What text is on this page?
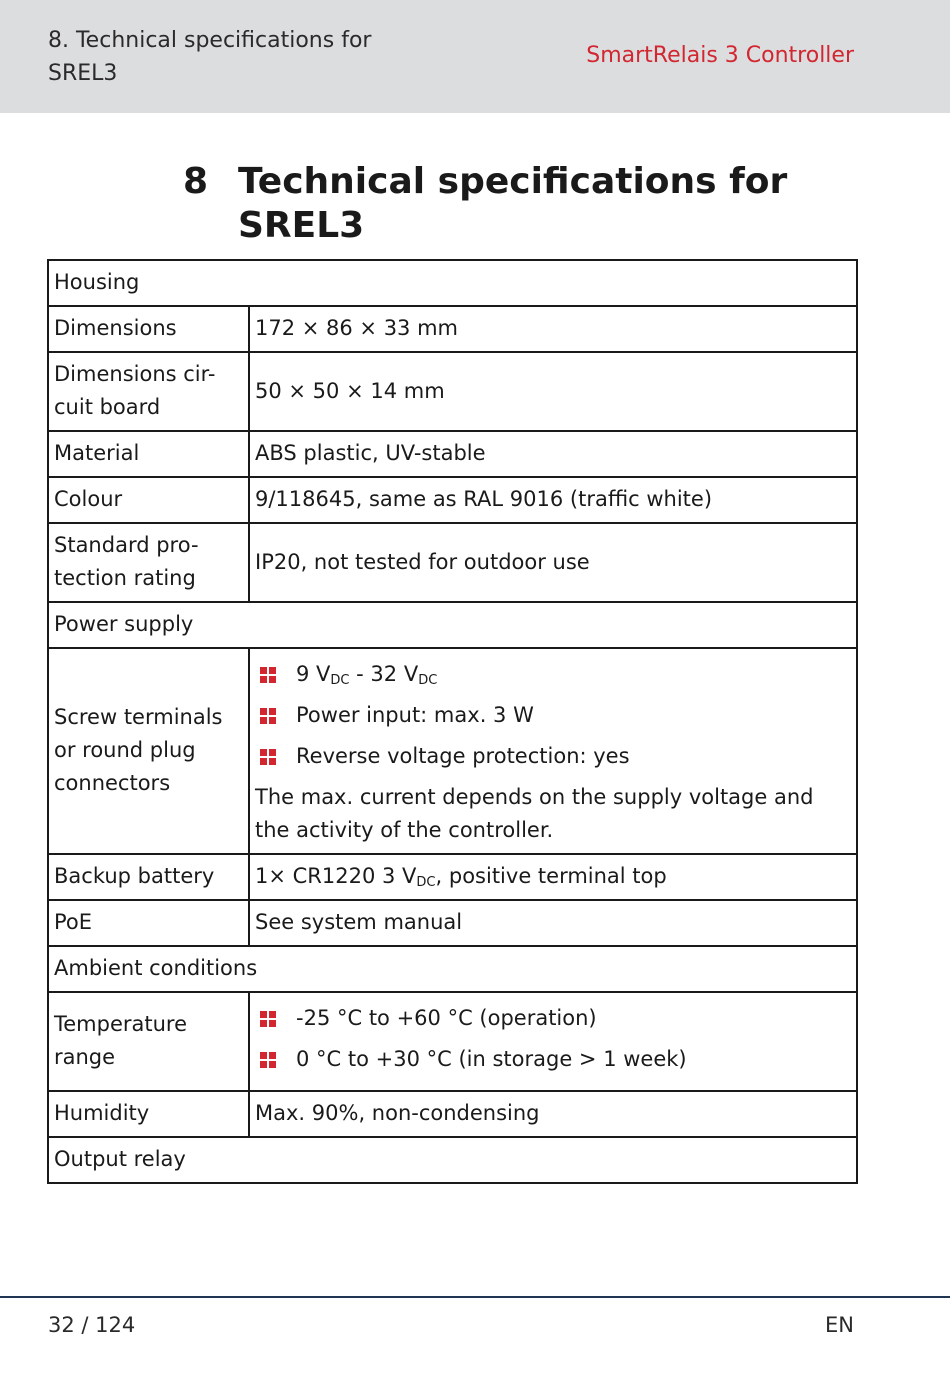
8. Technical specifications for SREL3
SmartRelais 3 Controller
8 Technical specifications for SREL3
Housing	
Dimensions	172 × 86 × 33 mm
Dimensions cir-cuit board	50 × 50 × 14 mm
Material	ABS plastic, UV-stable
Colour	9/118645, same as RAL 9016 (traffic white)
Standard pro-tection rating	IP20, not tested for outdoor use
Power supply	
Screw terminals or round plug connectors	9 $V_{DC} - 32$ $V_{DC}$
Power input: max. 3 W
Reverse voltage protection: yes
The max. current depends on the supply voltage and the activity of the controller.

Backup battery	1× CR1220 3 $V_{DC}$, positive terminal top
PoE	See system manual
Ambient conditions	
Temperature range	-25 °C to +60 °C (operation)
0 °C to +30 °C (in storage > 1 week)

Humidity	Max. 90%, non-condensing
Output relay	
32 / 124	EN
